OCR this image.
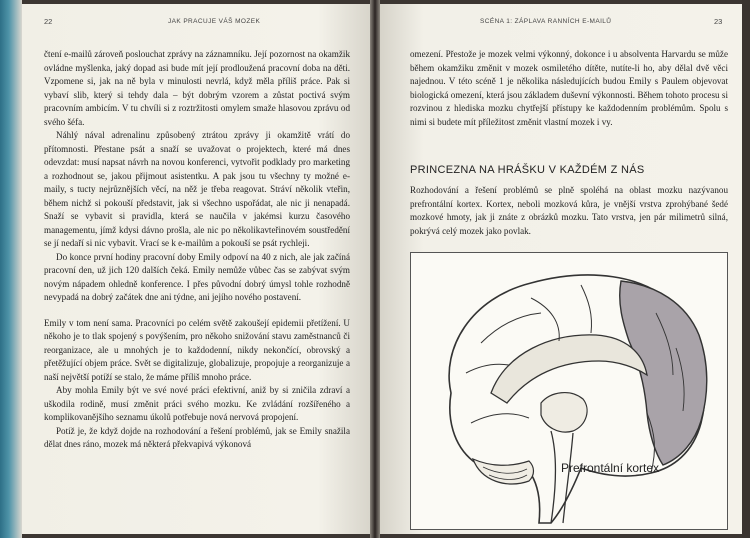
22	JAK PRACUJE VÁŠ MOZEK

čtení e-mailů zároveň poslouchat zprávy na záznamníku. Její pozornost na okamžik ovládne myšlenka, jaký dopad asi bude mít její prodloužená pracovní doba na děti. Vzpomene si, jak na ně byla v minulosti nevrlá, když měla příliš práce. Pak si vybaví slib, který si tehdy dala – být dobrým vzorem a zůstat poctivá svým pracovním ambicím. V tu chvíli si z roztržitosti omylem smaže hlasovou zprávu od svého šéfa.

Náhlý nával adrenalinu způsobený ztrátou zprávy ji okamžitě vrátí do přítomnosti. Přestane psát a snaží se uvažovat o projektech, které má dnes odevzdat: musí napsat návrh na novou konferenci, vytvořit podklady pro marketing a rozhodnout se, jakou přijmout asistentku. A pak jsou tu všechny ty možné e-maily, s tucty nejrůznějších věcí, na něž je třeba reagovat. Stráví několik vteřin, během nichž si pokouší představit, jak si všechno uspořádat, ale nic ji nenapadá. Snaží se vybavit si pravidla, která se naučila v jakémsi kurzu časového managementu, jímž kdysi dávno prošla, ale nic po několikavteřinovém soustředění se jí nedaří si nic vybavit. Vrací se k e-mailům a pokouší se psát rychleji.

Do konce první hodiny pracovní doby Emily odpoví na 40 z nich, ale jak začíná pracovní den, už jich 120 dalších čeká. Emily nemůže vůbec čas se zabývat svým novým nápadem ohledně konference. I přes původní dobrý úmysl tohle rozhodně nevypadá na dobrý začátek dne ani týdne, ani jejího nového postavení.

Emily v tom není sama. Pracovníci po celém světě zakoušejí epidemii přetížení. U někoho je to tlak spojený s povýšením, pro někoho snižování stavu zaměstnanců či reorganizace, ale u mnohých je to každodenní, nikdy nekončící, obrovský a přetěžující objem práce. Svět se digitalizuje, globalizuje, propojuje a reorganizuje a naší největší potíží se stalo, že máme příliš mnoho práce.

Aby mohla Emily být ve své nové práci efektivní, aniž by si zničila zdraví a uškodila rodině, musí změnit práci svého mozku. Ke zvládání rozšířeného a komplikovanějšího seznamu úkolů potřebuje nová nervová propojení.

Potíž je, že když dojde na rozhodování a řešení problémů, jak se Emily snažila dělat dnes ráno, mozek má některá překvapivá výkonová

SCÉNA 1: ZÁPLAVA RANNÍCH E-MAILŮ	23

omezení. Přestože je mozek velmi výkonný, dokonce i u absolventa Harvardu se může během okamžiku změnit v mozek osmiletého dítěte, nutíte-li ho, aby dělal dvě věci najednou. V této scéně 1 je několika následujících budou Emily s Paulem objevovat biologická omezení, která jsou základem duševní výkonnosti. Během tohoto procesu si rozvinou z hlediska mozku chytřejší přístupy ke každodenním problémům. Spolu s nimi si budete mít příležitost změnit vlastní mozek i vy.

PRINCEZNA NA HRÁŠKU V KAŽDÉM Z NÁS

Rozhodování a řešení problémů se plně spoléhá na oblast mozku nazývanou prefrontální kortex. Kortex, neboli mozková kůra, je vnější vrstva zprohýbané šedé mozkové hmoty, jak ji znáte z obrázků mozku. Tato vrstva, jen pár milimetrů silná, pokrývá celý mozek jako povlak.

Prefrontální kortex
